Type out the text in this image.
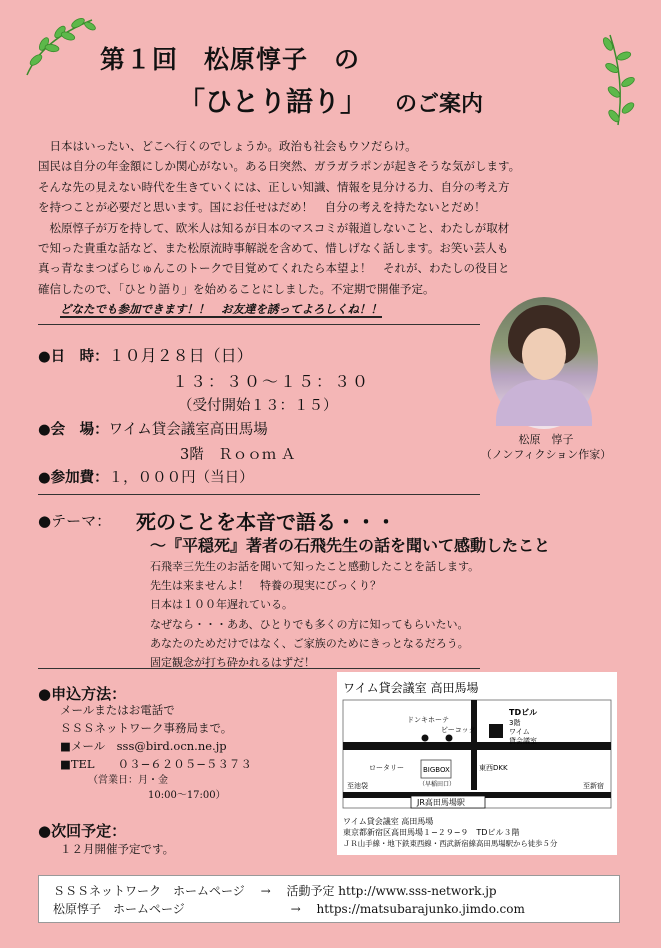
第１回　松原惇子　の
「ひとり語り」 のご案内

　日本はいったい、どこへ行くのでしょうか。政治も社会もウソだらけ。

国民は自分の年金額にしか関心がない。ある日突然、ガラガラポンが起きそうな気がします。

そんな先の見えない時代を生きていくには、正しい知識、情報を見分ける力、自分の考え方

を持つことが必要だと思います。国にお任せはだめ！　自分の考えを持たないとだめ！

　松原惇子が万を持して、欧米人は知るが日本のマスコミが報道しないこと、わたしが取材

で知った貴重な話など、また松原流時事解説を含めて、惜しげなく話します。お笑い芸人も

真っ青なまつばらじゅんこのトークで目覚めてくれたら本望よ！　それが、わたしの役目と

確信したので、「ひとり語り」を始めることにしました。不定期で開催予定。

どなたでも参加できます！！　お友達を誘ってよろしくね！！

●日　時：１０月２８日（日）
１３：３０〜１５：３０
（受付開始１３：１５）
●会　場：ワイム貸会議室高田馬場
3階　Ｒｏｏｍ Ａ
●参加費：１，０００円（当日）
松原　惇子
（ノンフィクション作家）
●テーマ： 死のことを本音で語る・・・
～『平穏死』著者の石飛先生の話を聞いて感動したこと

石飛幸三先生のお話を聞いて知ったこと感動したことを話します。

先生は来ませんよ！　特養の現実にびっくり？

日本は１００年遅れている。

なぜなら・・・ああ、ひとりでも多くの方に知ってもらいたい。

あなたのためだけではなく、ご家族のためにきっとなるだろう。

固定観念が打ち砕かれるはずだ！

●申込方法：
メールまたはお電話で
ＳＳＳネットワーク事務局まで。
■メール　 sss@bird.ocn.ne.jp
■TEL　　 ０３−６２０５−５３７３
（営業日：月・金
10:00〜17:00）
●次回予定：
１２月開催予定です。
ワイム貸会議室 高田馬場
ドンキホーテ
ビーコック
TDビル
3階
ワイム
貸会議室
ロータリー	BIGBOX
（早稲田口）
東西DKK
JR高田馬場駅
至池袋	至新宿
ワイム貸会議室 高田馬場
東京都新宿区高田馬場１−２９−９　TDビル３階
ＪＲ山手線・地下鉄東西線・西武新宿線高田馬場駅から徒歩５分
ＳＳＳネットワーク　ホームページ → 活動予定 http://www.sss-network.jp
松原惇子　ホームページ	→ https://matsubarajunko.jimdo.com
